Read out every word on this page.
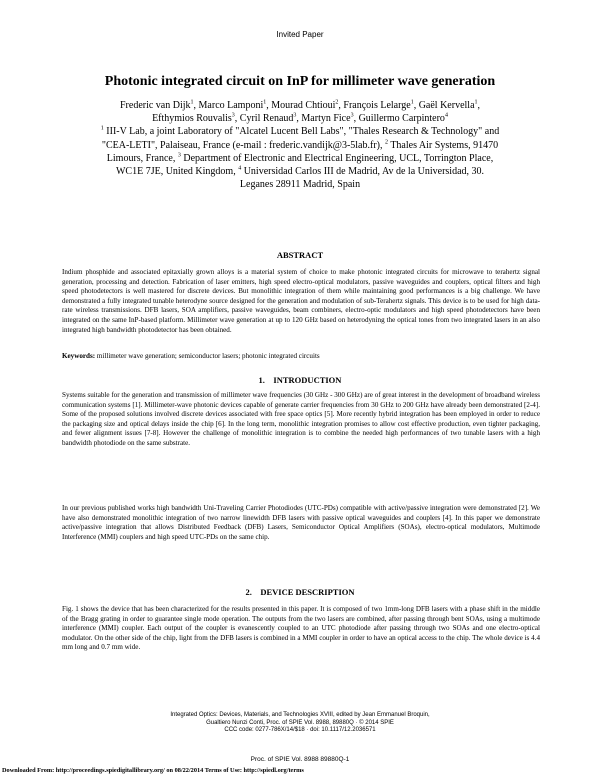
Invited Paper
Photonic integrated circuit on InP for millimeter wave generation
Frederic van Dijk$^1$, Marco Lamponi$^1$, Mourad Chtioui$^2$, François Lelarge$^1$, Gaël Kervella$^1$,
Efthymios Rouvalis$^3$, Cyril Renaud$^3$, Martyn Fice$^3$, Guillermo Carpintero$^4$
$^1$ III-V Lab, a joint Laboratory of "Alcatel Lucent Bell Labs", "Thales Research & Technology" and
"CEA-LETI", Palaiseau, France (e-mail : frederic.vandijk@3-5lab.fr), $^2$ Thales Air Systems, 91470
Limours, France, $^3$ Department of Electronic and Electrical Engineering, UCL, Torrington Place,
WC1E 7JE, United Kingdom, $^4$ Universidad Carlos III de Madrid, Av de la Universidad, 30.
Leganes 28911 Madrid, Spain
ABSTRACT

Indium phosphide and associated epitaxially grown alloys is a material system of choice to make photonic integrated circuits for microwave to terahertz signal generation, processing and detection. Fabrication of laser emitters, high speed electro-optical modulators, passive waveguides and couplers, optical filters and high speed photodetectors is well mastered for discrete devices. But monolithic integration of them while maintaining good performances is a big challenge. We have demonstrated a fully integrated tunable heterodyne source designed for the generation and modulation of sub-Terahertz signals. This device is to be used for high data-rate wireless transmissions. DFB lasers, SOA amplifiers, passive waveguides, beam combiners, electro-optic modulators and high speed photodetectors have been integrated on the same InP-based platform. Millimeter wave generation at up to 120 GHz based on heterodyning the optical tones from two integrated lasers in an also integrated high bandwidth photodetector has been obtained.

Keywords: millimeter wave generation; semiconductor lasers; photonic integrated circuits

1.    INTRODUCTION

Systems suitable for the generation and transmission of millimeter wave frequencies (30 GHz - 300 GHz) are of great interest in the development of broadband wireless communication systems [1]. Millimeter-wave photonic devices capable of generate carrier frequencies from 30 GHz to 200 GHz have already been demonstrated [2-4]. Some of the proposed solutions involved discrete devices associated with free space optics [5]. More recently hybrid integration has been employed in order to reduce the packaging size and optical delays inside the chip [6]. In the long term, monolithic integration promises to allow cost effective production, even tighter packaging, and fewer alignment issues [7-8]. However the challenge of monolithic integration is to combine the needed high performances of two tunable lasers with a high bandwidth photodiode on the same substrate.

In our previous published works high bandwidth Uni-Traveling Carrier Photodiodes (UTC-PDs) compatible with active/passive integration were demonstrated [2]. We have also demonstrated monolithic integration of two narrow linewidth DFB lasers with passive optical waveguides and couplers [4]. In this paper we demonstrate active/passive integration that allows Distributed Feedback (DFB) Lasers, Semiconductor Optical Amplifiers (SOAs), electro-optical modulators, Multimode Interference (MMI) couplers and high speed UTC-PDs on the same chip.

2.    DEVICE DESCRIPTION

Fig. 1 shows the device that has been characterized for the results presented in this paper. It is composed of two 1mm-long DFB lasers with a phase shift in the middle of the Bragg grating in order to guarantee single mode operation. The outputs from the two lasers are combined, after passing through bent SOAs, using a multimode interference (MMI) coupler. Each output of the coupler is evanescently coupled to an UTC photodiode after passing through two SOAs and one electro-optical modulator. On the other side of the chip, light from the DFB lasers is combined in a MMI coupler in order to have an optical access to the chip. The whole device is 4.4 mm long and 0.7 mm wide.

Integrated Optics: Devices, Materials, and Technologies XVIII, edited by Jean Emmanuel Broquin,
Gualtiero Nunzi Conti, Proc. of SPIE Vol. 8988, 89880Q · © 2014 SPIE
CCC code: 0277-786X/14/$18 · doi: 10.1117/12.2036571
Proc. of SPIE Vol. 8988 89880Q-1
Downloaded From: http://proceedings.spiedigitallibrary.org/ on 08/22/2014 Terms of Use: http://spiedl.org/terms
